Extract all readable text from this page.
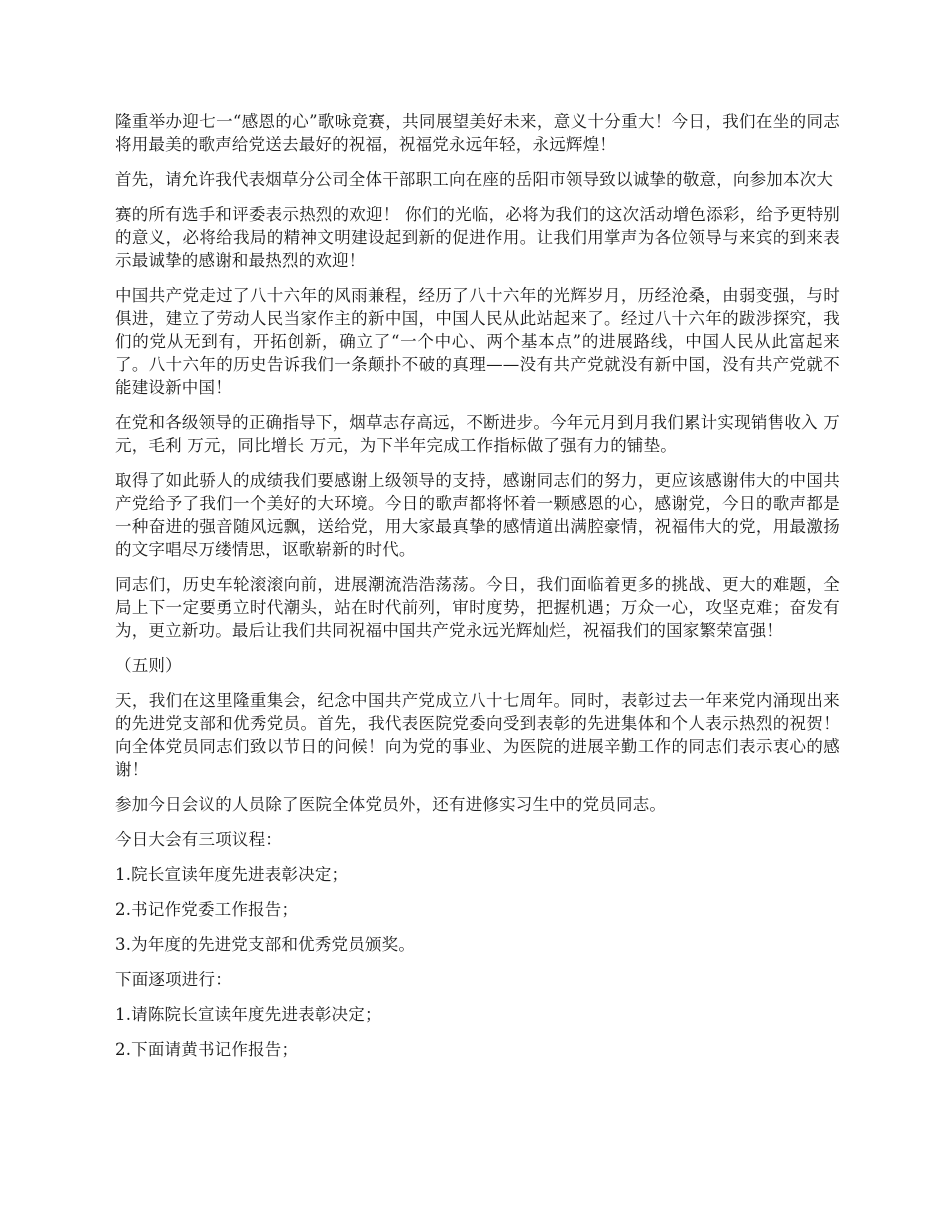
隆重举办迎七一“感恩的心”歌咏竞赛，共同展望美好未来，意义十分重大！今日，我们在坐的同志将用最美的歌声给党送去最好的祝福，祝福党永远年轻，永远辉煌！

首先，请允许我代表烟草分公司全体干部职工向在座的岳阳市领导致以诚挚的敬意，向参加本次大

赛的所有选手和评委表示热烈的欢迎！ 你们的光临，必将为我们的这次活动增色添彩，给予更特别的意义，必将给我局的精神文明建设起到新的促进作用。让我们用掌声为各位领导与来宾的到来表示最诚挚的感谢和最热烈的欢迎！

中国共产党走过了八十六年的风雨兼程，经历了八十六年的光辉岁月，历经沧桑，由弱变强，与时俱进，建立了劳动人民当家作主的新中国，中国人民从此站起来了。经过八十六年的跋涉探究，我们的党从无到有，开拓创新，确立了“一个中心、两个基本点”的进展路线，中国人民从此富起来了。八十六年的历史告诉我们一条颠扑不破的真理——没有共产党就没有新中国，没有共产党就不能建设新中国！

在党和各级领导的正确指导下，烟草志存高远，不断进步。今年元月到月我们累计实现销售收入 万元，毛利 万元，同比增长 万元，为下半年完成工作指标做了强有力的铺垫。

取得了如此骄人的成绩我们要感谢上级领导的支持，感谢同志们的努力，更应该感谢伟大的中国共产党给予了我们一个美好的大环境。今日的歌声都将怀着一颗感恩的心，感谢党，今日的歌声都是一种奋进的强音随风远飘，送给党，用大家最真挚的感情道出满腔豪情，祝福伟大的党，用最激扬的文字唱尽万缕情思，讴歌崭新的时代。

同志们，历史车轮滚滚向前，进展潮流浩浩荡荡。今日，我们面临着更多的挑战、更大的难题，全局上下一定要勇立时代潮头，站在时代前列，审时度势，把握机遇；万众一心，攻坚克难；奋发有为，更立新功。最后让我们共同祝福中国共产党永远光辉灿烂，祝福我们的国家繁荣富强！

（五则）

天，我们在这里隆重集会，纪念中国共产党成立八十七周年。同时，表彰过去一年来党内涌现出来的先进党支部和优秀党员。首先，我代表医院党委向受到表彰的先进集体和个人表示热烈的祝贺！向全体党员同志们致以节日的问候！向为党的事业、为医院的进展辛勤工作的同志们表示衷心的感谢！

参加今日会议的人员除了医院全体党员外，还有进修实习生中的党员同志。

今日大会有三项议程：

1.院长宣读年度先进表彰决定；

2.书记作党委工作报告；

3.为年度的先进党支部和优秀党员颁奖。

下面逐项进行：

1.请陈院长宣读年度先进表彰决定；

2.下面请黄书记作报告；
